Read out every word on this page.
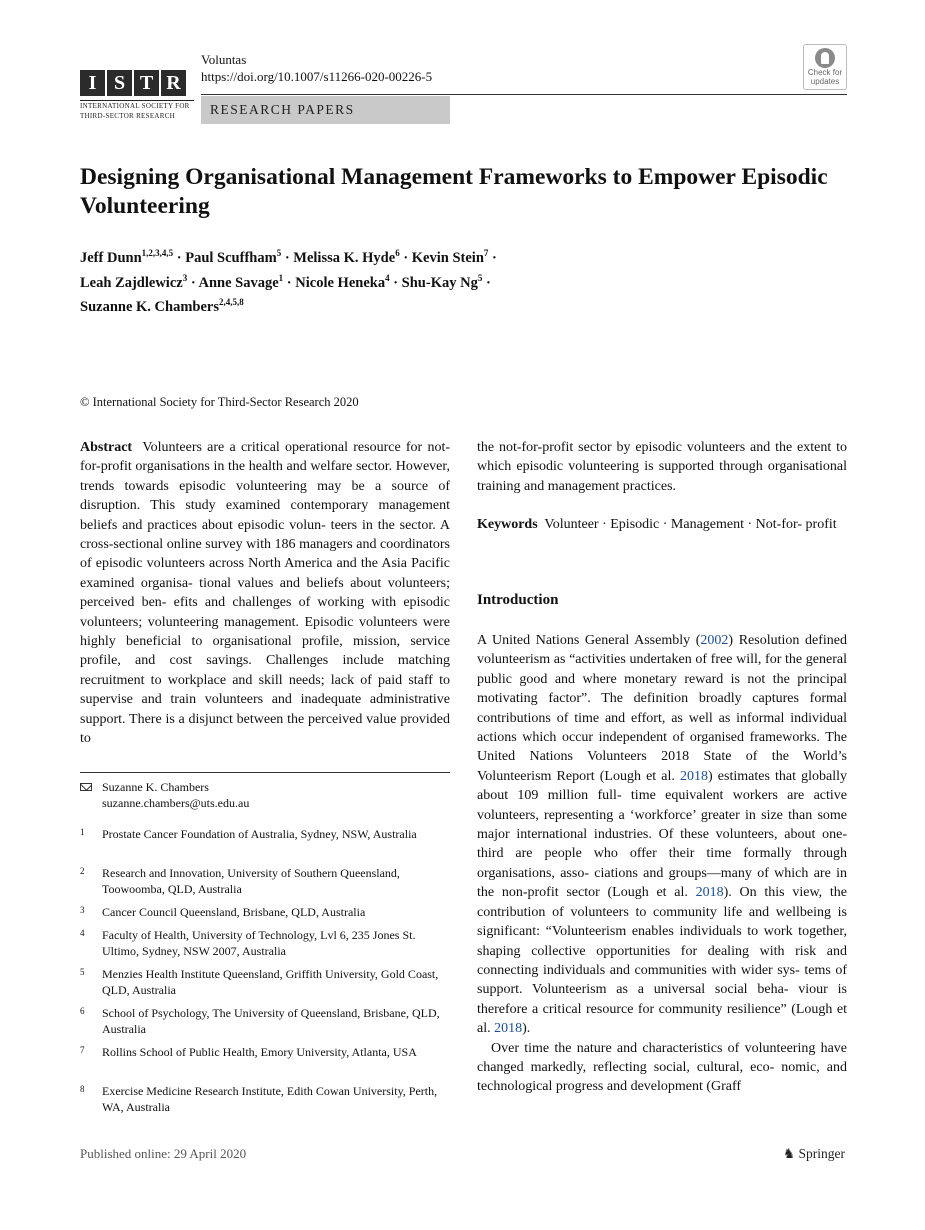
I S T R
INTERNATIONAL SOCIETY FOR
THIRD-SECTOR RESEARCH
Voluntas
https://doi.org/10.1007/s11266-020-00226-5
RESEARCH PAPERS
Check for
updates
Designing Organisational Management Frameworks to Empower Episodic Volunteering
Jeff Dunn$^{1,2,3,4,5}$ · Paul Scuffham$^5$ · Melissa K. Hyde$^6$ · Kevin Stein$^7$ ·
Leah Zajdlewicz$^3$ · Anne Savage$^1$ · Nicole Heneka$^4$ · Shu-Kay $Ng^5$ ·
Suzanne K. Chambers$^{2,4,5,8}$
© International Society for Third-Sector Research 2020

Abstract Volunteers are a critical operational resource for not-for-profit organisations in the health and welfare sector. However, trends towards episodic volunteering may be a source of disruption. This study examined contemporary management beliefs and practices about episodic volun- teers in the sector. A cross-sectional online survey with 186 managers and coordinators of episodic volunteers across North America and the Asia Pacific examined organisa- tional values and beliefs about volunteers; perceived ben- efits and challenges of working with episodic volunteers; volunteering management. Episodic volunteers were highly beneficial to organisational profile, mission, service profile, and cost savings. Challenges include matching recruitment to workplace and skill needs; lack of paid staff to supervise and train volunteers and inadequate administrative support. There is a disjunct between the perceived value provided to

the not-for-profit sector by episodic volunteers and the extent to which episodic volunteering is supported through organisational training and management practices.

Keywords Volunteer · Episodic · Management · Not-for- profit

Introduction

A United Nations General Assembly (2002) Resolution defined volunteerism as “activities undertaken of free will, for the general public good and where monetary reward is not the principal motivating factor”. The definition broadly captures formal contributions of time and effort, as well as informal individual actions which occur independent of organised frameworks. The United Nations Volunteers 2018 State of the World’s Volunteerism Report (Lough et al. 2018) estimates that globally about 109 million full- time equivalent workers are active volunteers, representing a ‘workforce’ greater in size than some major international industries. Of these volunteers, about one-third are people who offer their time formally through organisations, asso- ciations and groups—many of which are in the non-profit sector (Lough et al. 2018). On this view, the contribution of volunteers to community life and wellbeing is significant: “Volunteerism enables individuals to work together, shaping collective opportunities for dealing with risk and connecting individuals and communities with wider sys- tems of support. Volunteerism as a universal social beha- viour is therefore a critical resource for community resilience” (Lough et al. 2018).

Over time the nature and characteristics of volunteering have changed markedly, reflecting social, cultural, eco- nomic, and technological progress and development (Graff

Suzanne K. Chambers
suzanne.chambers@uts.edu.au
1 Prostate Cancer Foundation of Australia, Sydney, NSW, Australia
2 Research and Innovation, University of Southern Queensland, Toowoomba, QLD, Australia
3 Cancer Council Queensland, Brisbane, QLD, Australia
4 Faculty of Health, University of Technology, Lvl 6, 235 Jones St. Ultimo, Sydney, NSW 2007, Australia
5 Menzies Health Institute Queensland, Griffith University, Gold Coast, QLD, Australia
6 School of Psychology, The University of Queensland, Brisbane, QLD, Australia
7 Rollins School of Public Health, Emory University, Atlanta, USA
8 Exercise Medicine Research Institute, Edith Cowan University, Perth, WA, Australia
Published online: 29 April 2020	♞ Springer
